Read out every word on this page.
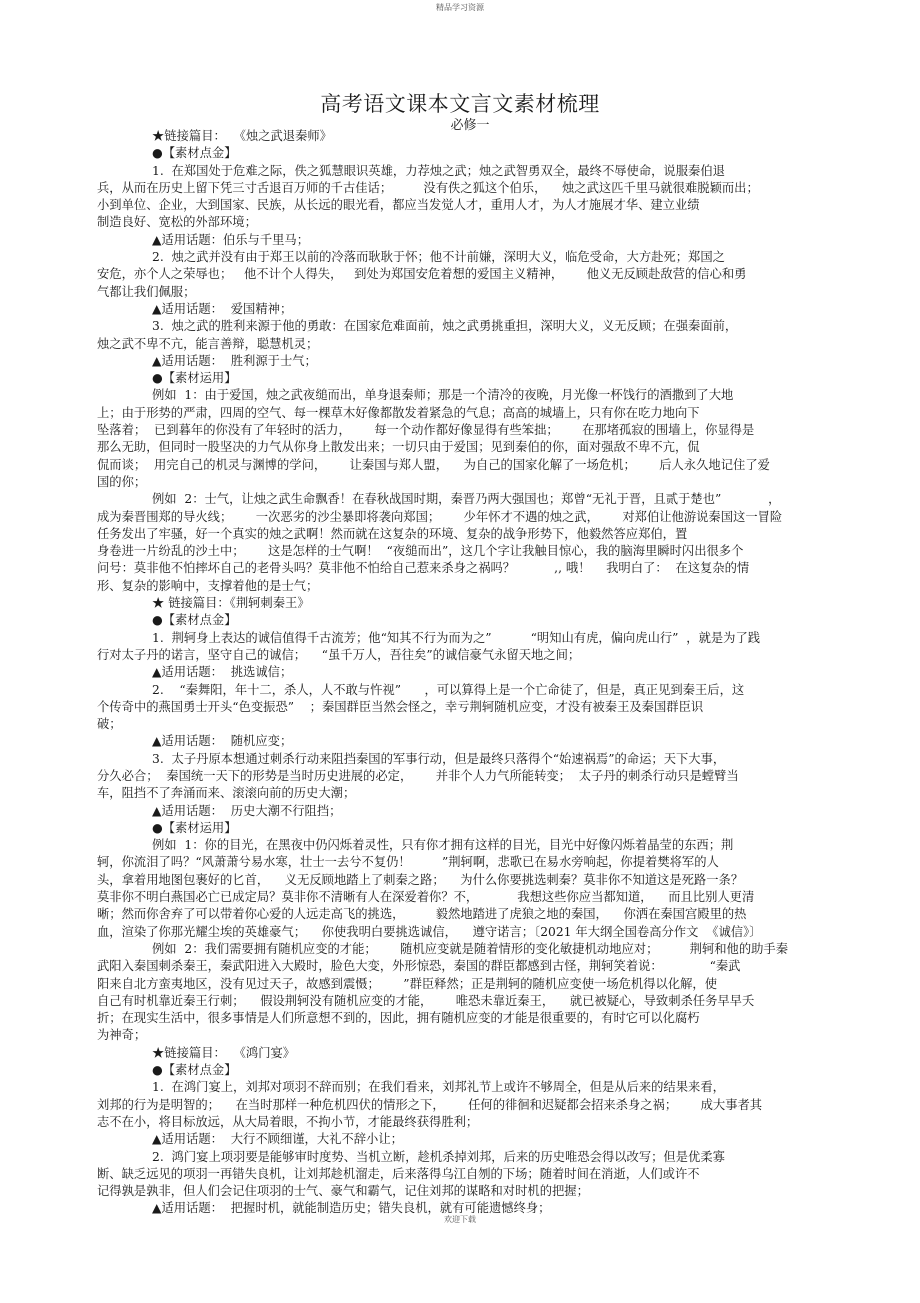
精品学习资源
高考语文课本文言文素材梳理
必修一
★链接篇目：  《烛之武退秦师》
●【素材点金】
1.  在郑国处于危难之际，佚之狐慧眼识英雄，力荐烛之武；烛之武智勇双全，最终不辱使命，说服秦伯退
兵，从而在历史上留下凭三寸舌退百万师的千古佳话；        没有佚之狐这个伯乐，    烛之武这匹千里马就很难脱颖而出；
小到单位、企业，大到国家、民族，从长远的眼光看，都应当发觉人才，重用人才，为人才施展才华、建立业绩
制造良好、宽松的外部环境；
▲适用话题：伯乐与千里马；
2.  烛之武并没有由于郑王以前的冷落而耿耿于怀；他不计前嫌，深明大义，临危受命，大方赴死；郑国之
安危，亦个人之荣辱也；   他不计个人得失，   到处为郑国安危着想的爱国主义精神，      他义无反顾赴敌营的信心和勇
气都让我们佩服；
▲适用话题：  爱国精神；
3.  烛之武的胜利来源于他的勇敢：在国家危难面前，烛之武勇挑重担，深明大义，义无反顾；在强秦面前，
烛之武不卑不亢，能言善辩，聪慧机灵；
▲适用话题：  胜利源于士气；
●【素材运用】
例如  1：由于爱国，烛之武夜缒而出，单身退秦师；那是一个清冷的夜晚，月光像一杯饯行的酒撒到了大地
上；由于形势的严肃，四周的空气、每一棵草木好像都散发着紧急的气息；高高的城墙上，只有你在吃力地向下
坠落着；  已到暮年的你没有了年轻时的活力，      每一个动作都好像显得有些笨拙；      在那堵孤寂的围墙上，你显得是
那么无助，但同时一股坚决的力气从你身上散发出来；一切只由于爱国；见到秦伯的你，面对强敌不卑不亢，侃
侃而谈；  用完自己的机灵与渊博的学问，      让秦国与郑人盟，    为自己的国家化解了一场危机；      后人永久地记住了爱
国的你；
例如  2：士气，让烛之武生命飘香！在春秋战国时期，秦晋乃两大强国也；郑曾“无礼于晋，且贰于楚也”            ，
成为秦晋围郑的导火线；      一次恶劣的沙尘暴即将袭向郑国；      少年怀才不遇的烛之武，      对郑伯让他游说秦国这一冒险
任务发出了牢骚，好一个真实的烛之武啊！然而就在这复杂的环境、复杂的战争形势下，他毅然答应郑伯，置
身卷进一片纷乱的沙土中；      这是怎样的士气啊！  “夜缒而出”，这几个字让我触目惊心，我的脑海里瞬时闪出很多个
问号：莫非他不怕摔坏自己的老骨头吗？莫非他不怕给自己惹来杀身之祸吗？          ,, 哦！    我明白了：  在这复杂的情
形、复杂的影响中，支撑着他的是士气；
★ 链接篇目：《荆轲刺秦王》
●【素材点金】
1.  荆轲身上表达的诚信值得千古流芳；他“知其不行为而为之”          “明知山有虎，偏向虎山行”  ，就是为了践
行对太子丹的诺言，坚守自己的诚信；    “虽千万人，吾往矣”的诚信豪气永留天地之间；
▲适用话题：  挑选诚信；
2.    “秦舞阳，年十二，杀人，人不敢与忤视”      ，可以算得上是一个亡命徒了，但是，真正见到秦王后，这
个传奇中的燕国勇士开头“色变振恐”    ；秦国群臣当然会怪之，幸亏荆轲随机应变，才没有被秦王及秦国群臣识
破；
▲适用话题：  随机应变；
3.  太子丹原本想通过刺杀行动来阻挡秦国的军事行动，但是最终只落得个“始速祸焉”的命运；天下大事，
分久必合；  秦国统一天下的形势是当时历史进展的必定，      并非个人力气所能转变；  太子丹的刺杀行动只是螳臂当
车，阻挡不了奔涌而来、滚滚向前的历史大潮；
▲适用话题：  历史大潮不行阻挡；
●【素材运用】
例如  1：你的目光，在黑夜中仍闪烁着灵性，只有你才拥有这样的目光，目光中好像闪烁着晶莹的东西；荆
轲，你流泪了吗？“风萧萧兮易水寒，壮士一去兮不复仍！        ”荆轲啊，悲歌已在易水旁响起，你提着樊将军的人
头，拿着用地图包裹好的匕首，    义无反顾地踏上了刺秦之路；    为什么你要挑选刺秦？莫非你不知道这是死路一条？
莫非你不明白燕国必亡已成定局？莫非你不清晰有人在深爱着你？不，          我想这些你应当都知道，    而且比别人更清
晰；然而你舍弃了可以带着你心爱的人远走高飞的挑选，        毅然地踏进了虎狼之地的秦国，    你洒在秦国宫殿里的热
血，渲染了你那光耀尘埃的英雄豪气；    你使我明白要挑选诚信，    遵守诺言；〔2021 年大纲全国卷高分作文  《诚信》〕
例如  2：我们需要拥有随机应变的才能；      随机应变就是随着情形的变化敏捷机动地应对；        荆轲和他的助手秦
武阳入秦国刺杀秦王，秦武阳进入大殿时，脸色大变，外形惊恐，秦国的群臣都感到古怪，荆轲笑着说：            “秦武
阳来自北方蛮夷地区，没有见过天子，故感到震慑；      ”群臣释然；正是荆轲的随机应变使一场危机得以化解，使
自己有时机靠近秦王行刺；    假设荆轲没有随机应变的才能，      唯恐未靠近秦王，    就已被疑心，导致刺杀任务早早夭
折；在现实生活中，很多事情是人们所意想不到的，因此，拥有随机应变的才能是很重要的，有时它可以化腐朽
为神奇；
★链接篇目：  《鸿门宴》
●【素材点金】
1.  在鸿门宴上，刘邦对项羽不辞而别；在我们看来，刘邦礼节上或许不够周全，但是从后来的结果来看，
刘邦的行为是明智的；    在当时那样一种危机四伏的情形之下，      任何的徘徊和迟疑都会招来杀身之祸；      成大事者其
志不在小，将目标放远，从大局着眼，不拘小节，才能最终获得胜利；
▲适用话题：  大行不顾细谨，大礼不辞小让；
2.  鸿门宴上项羽要是能够审时度势、当机立断，趁机杀掉刘邦，后来的历史唯恐会得以改写；但是优柔寡
断、缺乏远见的项羽一再错失良机，让刘邦趁机溜走，后来落得乌江自刎的下场；随着时间在消逝，人们或许不
记得孰是孰非，但人们会记住项羽的士气、豪气和霸气，记住刘邦的谋略和对时机的把握；
▲适用话题：  把握时机，就能制造历史；错失良机，就有可能遗憾终身；
欢迎下载
